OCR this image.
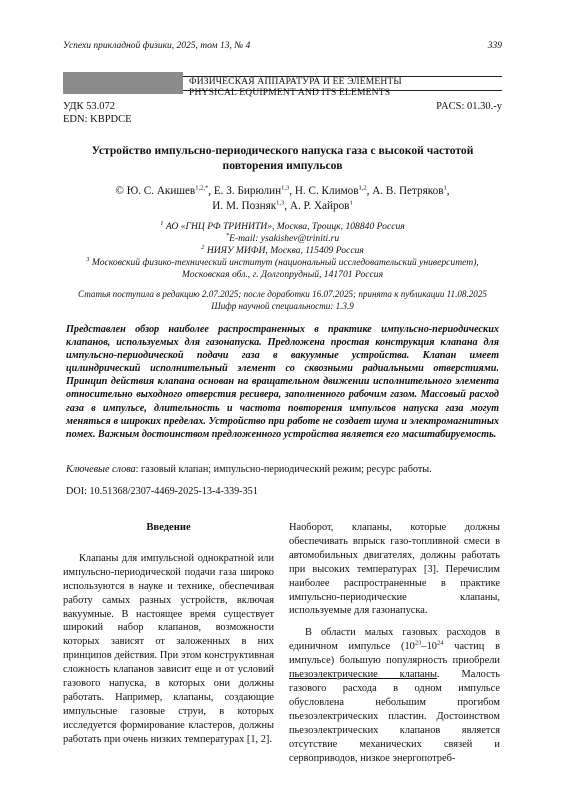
Успехи прикладной физики, 2025, том 13, № 4	339
ФИЗИЧЕСКАЯ АППАРАТУРА И ЕЁ ЭЛЕМЕНТЫ
PHYSICAL EQUIPMENT AND ITS ELEMENTS
УДК 53.072
EDN: KBPDCE
PACS: 01.30.-y
Устройство импульсно-периодического напуска газа с высокой частотой повторения импульсов
© Ю. С. Акишев$^{1,2,*}$, Е. З. Бирюлин$^{1,3}$, Н. С. Климов$^{1,2}$, А. В. Петряков$^1$,
И. М. Позняк$^{1,3}$, А. Р. Хайров$^1$
$^1$ АО «ГНЦ РФ ТРИНИТИ», Москва, Троицк, 108840 Россия
*E-mail: ysakishev@triniti.ru
$^2$ НИЯУ МИФИ, Москва, 115409 Россия
$^3$ Московский физико-технический институт (национальный исследовательский университет),
Московская обл., г. Долгопрудный, 141701 Россия
Статья поступила в редакцию 2.07.2025; после доработки 16.07.2025; принята к публикации 11.08.2025
Шифр научной специальности: 1.3.9
Представлен обзор наиболее распространенных в практике импульсно-периодических клапанов, используемых для газонапуска. Предложена простая конструкция клапана для импульсно-периодической подачи газа в вакуумные устройства. Клапан имеет цилиндрический исполнительный элемент со сквозными радиальными отверстиями. Принцип действия клапана основан на вращательном движении исполнительного элемента относительно выходного отверстия ресивера, заполненного рабочим газом. Массовый расход газа в импульсе, длительность и частота повторения импульсов напуска газа могут меняться в широких пределах. Устройство при работе не создает шума и электромагнитных помех. Важным достоинством предложенного устройства является его масштабируемость.
Ключевые слова: газовый клапан; импульсно-периодический режим; ресурс работы.
DOI: 10.51368/2307-4469-2025-13-4-339-351

Введение

Клапаны для импульсной однократной или импульсно-периодической подачи газа широко используются в науке и технике, обеспечивая работу самых разных устройств, включая вакуумные. В настоящее время существует широкий набор клапанов, возможности которых зависят от заложенных в них принципов действия. При этом конструктивная сложность клапанов зависит еще и от условий газового напуска, в которых они должны работать. Например, клапаны, создающие импульсные газовые струи, в которых исследуется формирование кластеров, должны работать при очень низких температурах [1, 2].

Наоборот, клапаны, которые должны обеспечивать впрыск газо-топливной смеси в автомобильных двигателях, должны работать при высоких температурах [3]. Перечислим наиболее распространенные в практике импульсно-периодические клапаны, используемые для газонапуска.

В области малых газовых расходов в единичном импульсе ($10^{23}-10^{24}$ частиц в импульсе) большую популярность приобрели пьезоэлектрические клапаны. Малость газового расхода в одном импульсе обусловлена небольшим прогибом пьезоэлектрических пластин. Достоинством пьезоэлектрических клапанов является отсутствие механических связей и сервоприводов, низкое энергопотреб-
